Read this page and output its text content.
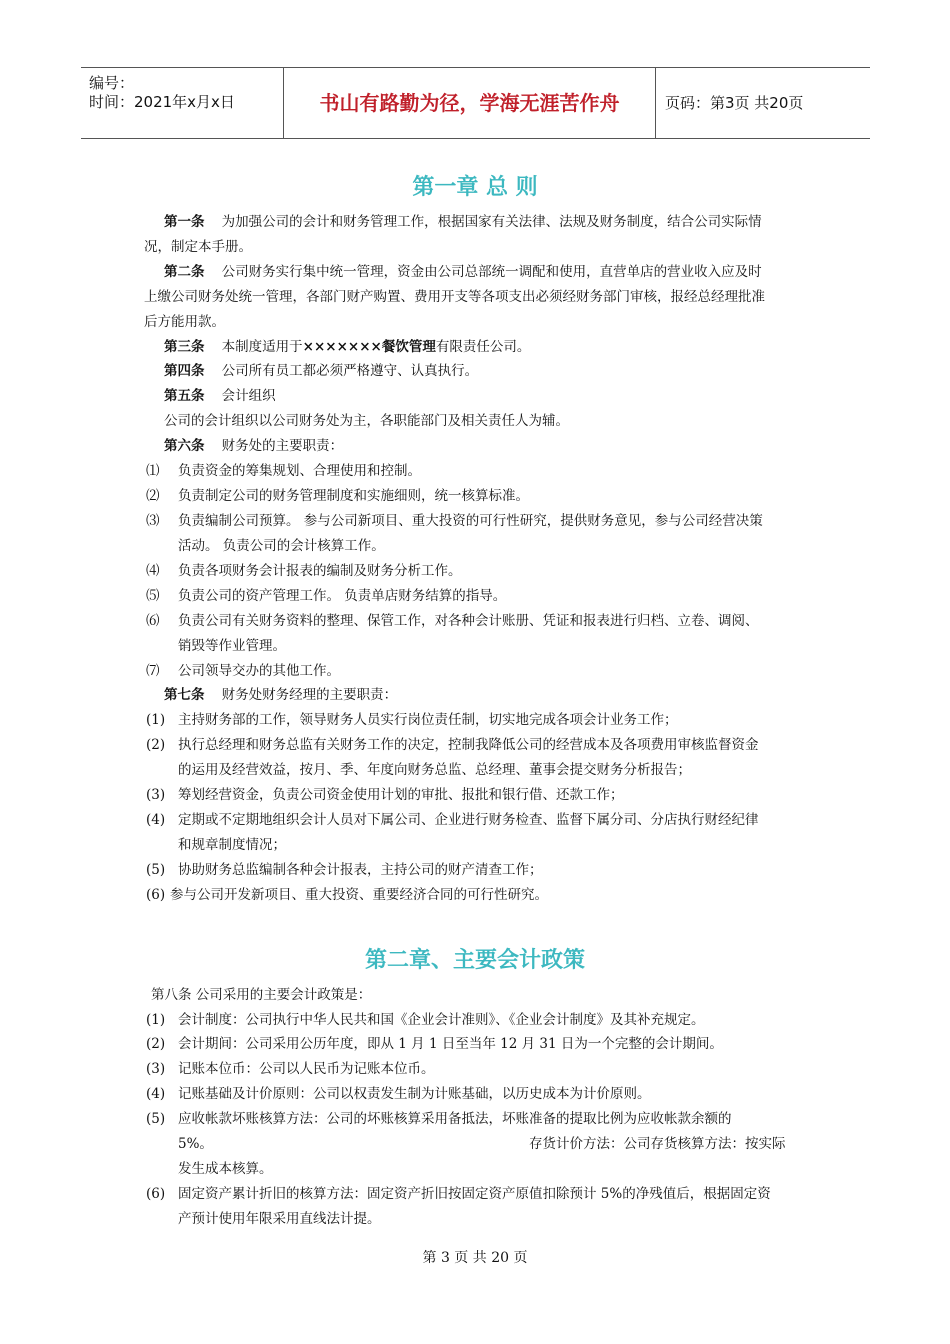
编号：
时间：2021年x月x日	书山有路勤为径，学海无涯苦作舟	页码：第3页 共20页
第一章 总 则
第一条 为加强公司的会计和财务管理工作，根据国家有关法律、法规及财务制度，结合公司实际情
况，制定本手册。
第二条 公司财务实行集中统一管理，资金由公司总部统一调配和使用，直营单店的营业收入应及时
上缴公司财务处统一管理，各部门财产购置、费用开支等各项支出必须经财务部门审核，报经总经理批准
后方能用款。
第三条 本制度适用于×××××××餐饮管理有限责任公司。
第四条 公司所有员工都必须严格遵守、认真执行。
第五条 会计组织
公司的会计组织以公司财务处为主，各职能部门及相关责任人为辅。
第六条 财务处的主要职责：
⑴ 负责资金的筹集规划、合理使用和控制。
⑵ 负责制定公司的财务管理制度和实施细则，统一核算标准。
⑶ 负责编制公司预算。 参与公司新项目、重大投资的可行性研究，提供财务意见，参与公司经营决策
活动。 负责公司的会计核算工作。
⑷ 负责各项财务会计报表的编制及财务分析工作。
⑸ 负责公司的资产管理工作。 负责单店财务结算的指导。
⑹ 负责公司有关财务资料的整理、保管工作，对各种会计账册、凭证和报表进行归档、立卷、调阅、
销毁等作业管理。
⑺ 公司领导交办的其他工作。
第七条 财务处财务经理的主要职责：
(1) 主持财务部的工作，领导财务人员实行岗位责任制，切实地完成各项会计业务工作；
(2) 执行总经理和财务总监有关财务工作的决定，控制我降低公司的经营成本及各项费用审核监督资金
的运用及经营效益，按月、季、年度向财务总监、总经理、董事会提交财务分析报告；
(3) 筹划经营资金，负责公司资金使用计划的审批、报批和银行借、还款工作；
(4) 定期或不定期地组织会计人员对下属公司、企业进行财务检查、监督下属分司、分店执行财经纪律
和规章制度情况；
(5) 协助财务总监编制各种会计报表，主持公司的财产清查工作；
(6) 参与公司开发新项目、重大投资、重要经济合同的可行性研究。
第二章、主要会计政策
第八条 公司采用的主要会计政策是：
(1) 会计制度：公司执行中华人民共和国《企业会计准则》、《企业会计制度》及其补充规定。
(2) 会计期间：公司采用公历年度，即从 1 月 1 日至当年 12 月 31 日为一个完整的会计期间。
(3) 记账本位币：公司以人民币为记账本位币。
(4) 记账基础及计价原则：公司以权责发生制为计账基础，以历史成本为计价原则。
(5) 应收帐款坏账核算方法：公司的坏账核算采用备抵法，坏账准备的提取比例为应收帐款余额的
5%。	存货计价方法：公司存货核算方法：按实际
发生成本核算。
(6) 固定资产累计折旧的核算方法：固定资产折旧按固定资产原值扣除预计 5%的净残值后，根据固定资
产预计使用年限采用直线法计提。
第 3 页 共 20 页
